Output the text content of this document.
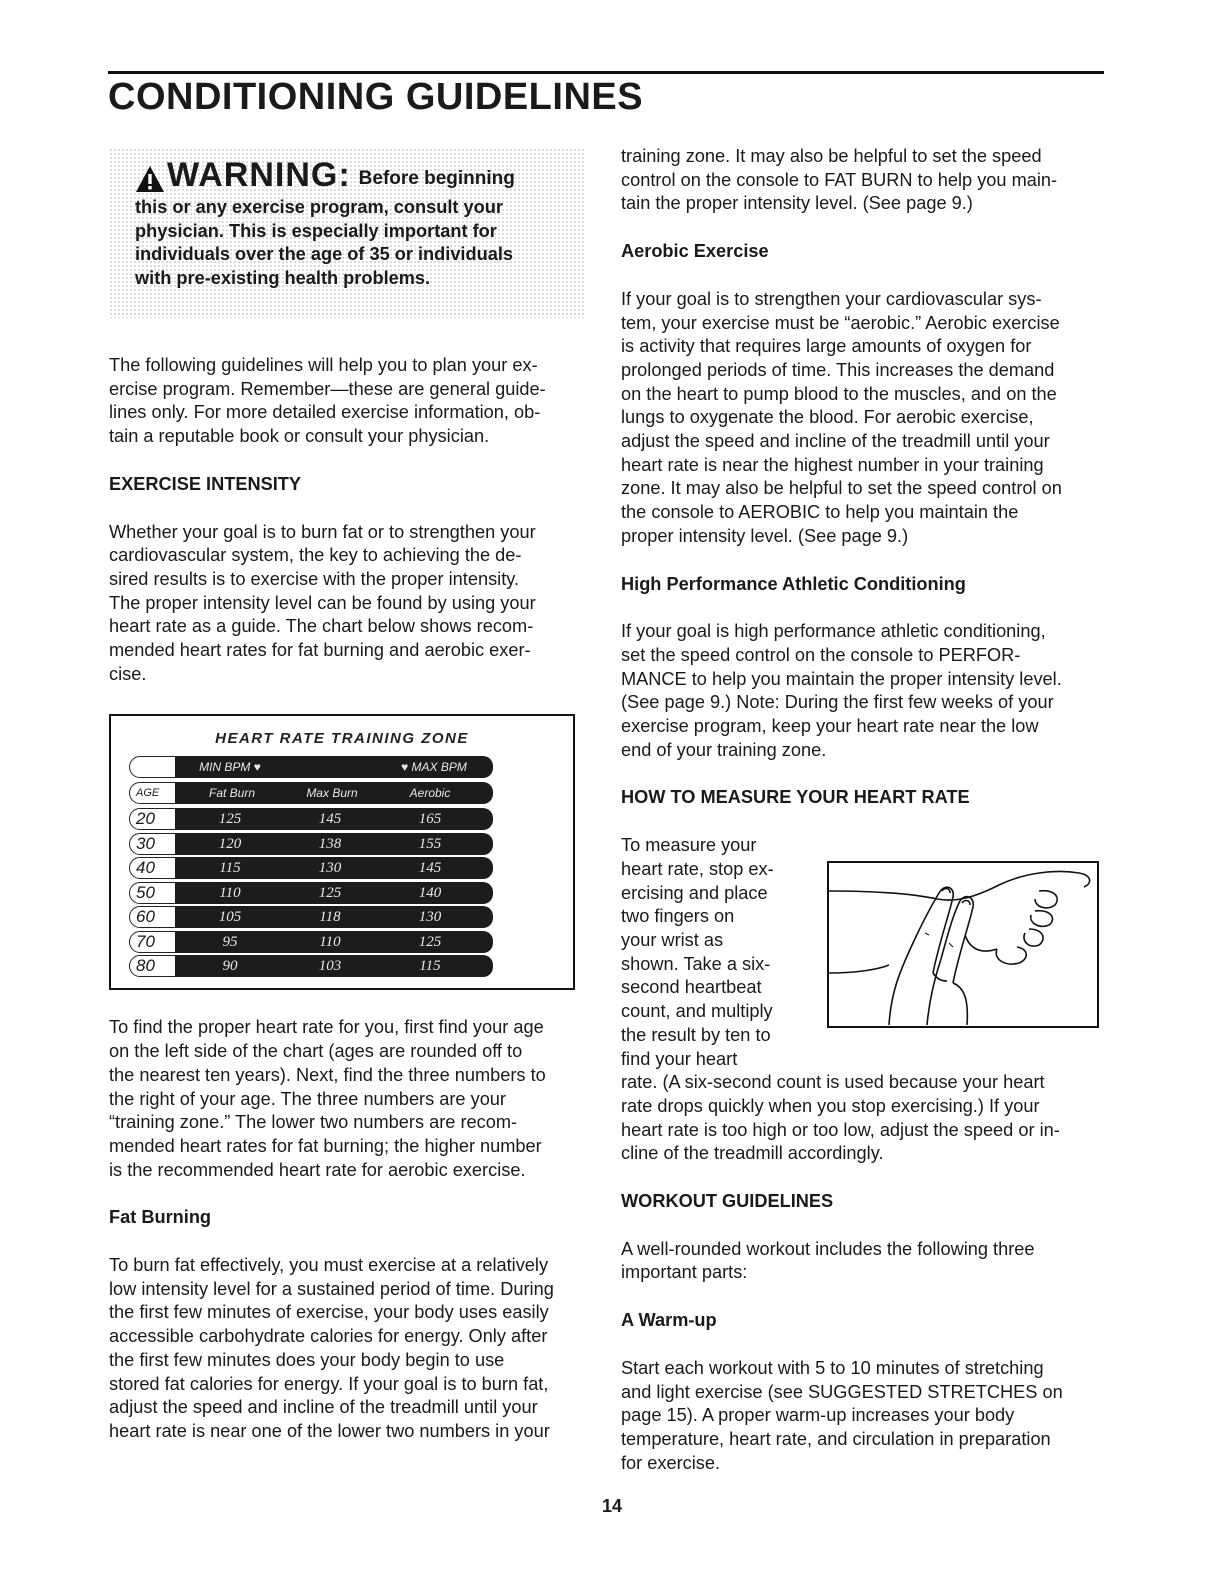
CONDITIONING GUIDELINES
WARNING: Before beginning
this or any exercise program, consult your
physician. This is especially important for
individuals over the age of 35 or individuals
with pre-existing health problems.

The following guidelines will help you to plan your ex-

ercise program. Remember—these are general guide-

lines only. For more detailed exercise information, ob-

tain a reputable book or consult your physician.

EXERCISE INTENSITY

Whether your goal is to burn fat or to strengthen your

cardiovascular system, the key to achieving the de-

sired results is to exercise with the proper intensity.

The proper intensity level can be found by using your

heart rate as a guide. The chart below shows recom-

mended heart rates for fat burning and aerobic exer-

cise.

HEART RATE TRAINING ZONE
MIN BPM ♥	♥ MAX BPM
AGE	Fat Burn	Max Burn	Aerobic
20	125	145	165
30	120	138	155
40	115	130	145
50	110	125	140
60	105	118	130
70	95	110	125
80	90	103	115

To find the proper heart rate for you, first find your age

on the left side of the chart (ages are rounded off to

the nearest ten years). Next, find the three numbers to

the right of your age. The three numbers are your

“training zone.” The lower two numbers are recom-

mended heart rates for fat burning; the higher number

is the recommended heart rate for aerobic exercise.

Fat Burning

To burn fat effectively, you must exercise at a relatively

low intensity level for a sustained period of time. During

the first few minutes of exercise, your body uses easily

accessible carbohydrate calories for energy. Only after

the first few minutes does your body begin to use

stored fat calories for energy. If your goal is to burn fat,

adjust the speed and incline of the treadmill until your

heart rate is near one of the lower two numbers in your

training zone. It may also be helpful to set the speed

control on the console to FAT BURN to help you main-

tain the proper intensity level. (See page 9.)

Aerobic Exercise

If your goal is to strengthen your cardiovascular sys-

tem, your exercise must be “aerobic.” Aerobic exercise

is activity that requires large amounts of oxygen for

prolonged periods of time. This increases the demand

on the heart to pump blood to the muscles, and on the

lungs to oxygenate the blood. For aerobic exercise,

adjust the speed and incline of the treadmill until your

heart rate is near the highest number in your training

zone. It may also be helpful to set the speed control on

the console to AEROBIC to help you maintain the

proper intensity level. (See page 9.)

High Performance Athletic Conditioning

If your goal is high performance athletic conditioning,

set the speed control on the console to PERFOR-

MANCE to help you maintain the proper intensity level.

(See page 9.) Note: During the first few weeks of your

exercise program, keep your heart rate near the low

end of your training zone.

HOW TO MEASURE YOUR HEART RATE

To measure your

heart rate, stop ex-

ercising and place

two fingers on

your wrist as

shown. Take a six-

second heartbeat

count, and multiply

the result by ten to

find your heart

rate. (A six-second count is used because your heart

rate drops quickly when you stop exercising.) If your

heart rate is too high or too low, adjust the speed or in-

cline of the treadmill accordingly.

WORKOUT GUIDELINES

A well-rounded workout includes the following three

important parts:

A Warm-up

Start each workout with 5 to 10 minutes of stretching

and light exercise (see SUGGESTED STRETCHES on

page 15). A proper warm-up increases your body

temperature, heart rate, and circulation in preparation

for exercise.

14
